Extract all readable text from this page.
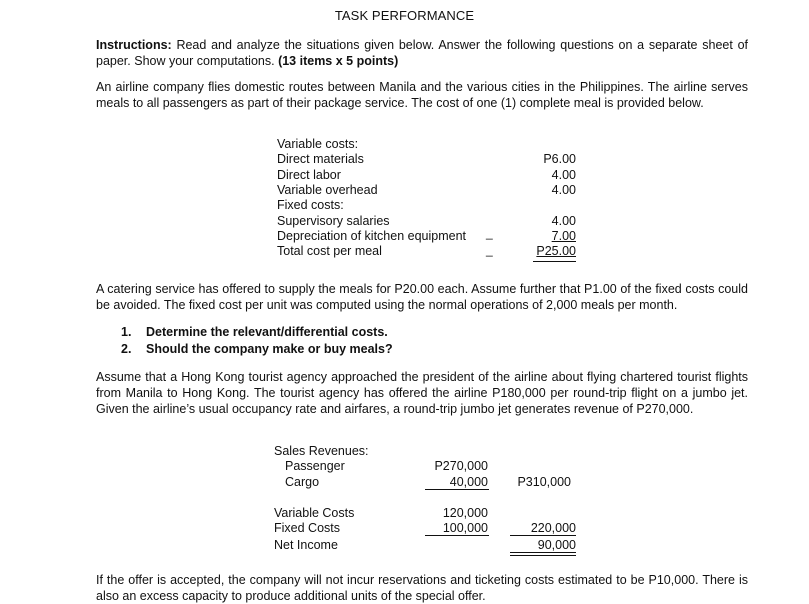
TASK PERFORMANCE
Instructions: Read and analyze the situations given below. Answer the following questions on a separate sheet of paper. Show your computations. (13 items x 5 points)
An airline company flies domestic routes between Manila and the various cities in the Philippines. The airline serves meals to all passengers as part of their package service. The cost of one (1) complete meal is provided below.
Variable costs:
Direct materials
Direct labor
Variable overhead
Fixed costs:
Supervisory salaries
Depreciation of kitchen equipment
Total cost per meal
P6.00
4.00
4.00
4.00
7.00
P25.00
_
_
A catering service has offered to supply the meals for P20.00 each. Assume further that P1.00 of the fixed costs could be avoided. The fixed cost per unit was computed using the normal operations of 2,000 meals per month.
1. Determine the relevant/differential costs.
2. Should the company make or buy meals?
Assume that a Hong Kong tourist agency approached the president of the airline about flying chartered tourist flights from Manila to Hong Kong. The tourist agency has offered the airline P180,000 per round-trip flight on a jumbo jet. Given the airline’s usual occupancy rate and airfares, a round-trip jumbo jet generates revenue of P270,000.
Sales Revenues:
Passenger
Cargo
P270,000
40,000 P310,000
Variable Costs
Fixed Costs
Net Income
120,000
100,000	220,000
90,000
If the offer is accepted, the company will not incur reservations and ticketing costs estimated to be P10,000. There is also an excess capacity to produce additional units of the special offer.
